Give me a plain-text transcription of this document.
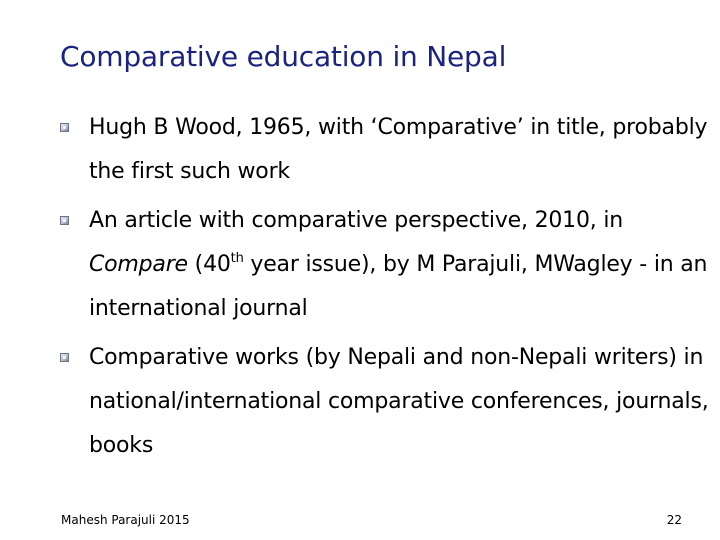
Comparative education in Nepal
Hugh B Wood, 1965, with ‘Comparative’ in title, probably the first such work
An article with comparative perspective, 2010, in Compare (40th year issue), by M Parajuli, MWagley - in an international journal
Comparative works (by Nepali and non-Nepali writers) in national/international comparative conferences, journals, books
Mahesh Parajuli 2015	22
